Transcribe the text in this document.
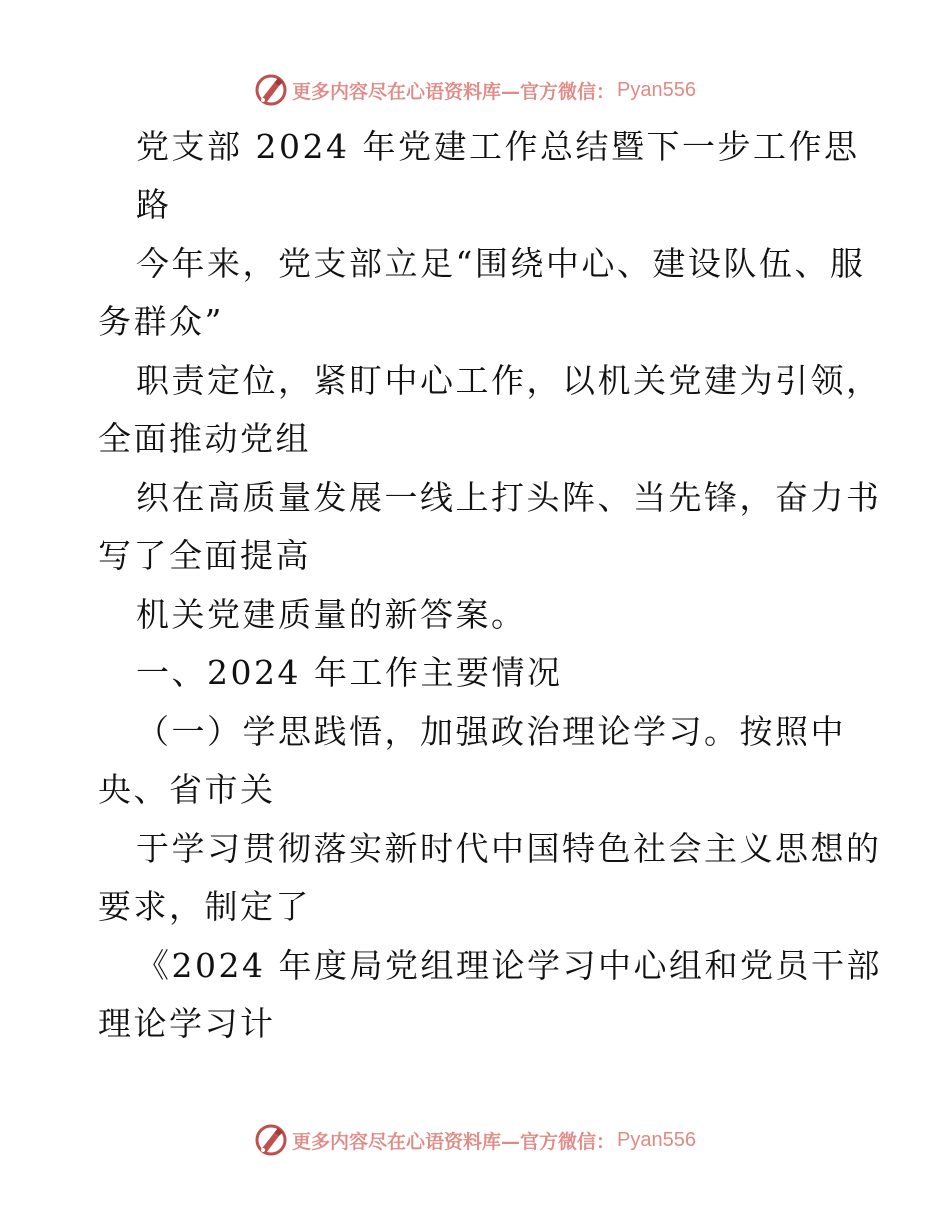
更多内容尽在心语资料库—官方微信： Pyan556
党支部 2024 年党建工作总结暨下一步工作思
路
今年来，党支部立足“围绕中心、建设队伍、服
务群众”
职责定位，紧盯中心工作，以机关党建为引领，
全面推动党组
织在高质量发展一线上打头阵、当先锋，奋力书
写了全面提高
机关党建质量的新答案。
一、2024 年工作主要情况
（一）学思践悟，加强政治理论学习。按照中
央、省市关
于学习贯彻落实新时代中国特色社会主义思想的
要求，制定了
《2024 年度局党组理论学习中心组和党员干部
理论学习计
更多内容尽在心语资料库—官方微信： Pyan556
